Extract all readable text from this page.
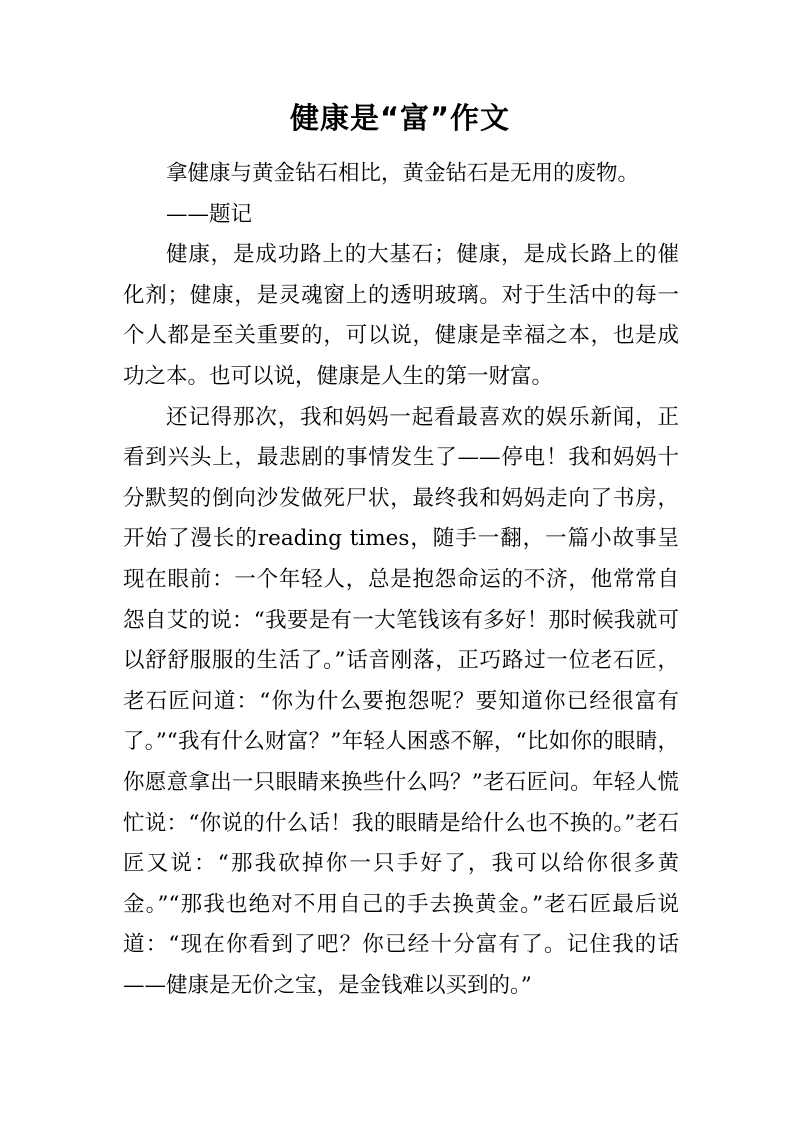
健康是“富”作文

拿健康与黄金钻石相比，黄金钻石是无用的废物。

——题记

健康，是成功路上的大基石；健康，是成长路上的催化剂；健康，是灵魂窗上的透明玻璃。对于生活中的每一个人都是至关重要的，可以说，健康是幸福之本，也是成功之本。也可以说，健康是人生的第一财富。

还记得那次，我和妈妈一起看最喜欢的娱乐新闻，正看到兴头上，最悲剧的事情发生了——停电！我和妈妈十分默契的倒向沙发做死尸状，最终我和妈妈走向了书房，开始了漫长的reading times，随手一翻，一篇小故事呈现在眼前：一个年轻人，总是抱怨命运的不济，他常常自怨自艾的说：“我要是有一大笔钱该有多好！那时候我就可以舒舒服服的生活了。”话音刚落，正巧路过一位老石匠，老石匠问道：“你为什么要抱怨呢？要知道你已经很富有了。”“我有什么财富？”年轻人困惑不解，“比如你的眼睛，你愿意拿出一只眼睛来换些什么吗？”老石匠问。年轻人慌忙说：“你说的什么话！我的眼睛是给什么也不换的。”老石匠又说：“那我砍掉你一只手好了，我可以给你很多黄金。”“那我也绝对不用自己的手去换黄金。”老石匠最后说道：“现在你看到了吧？你已经十分富有了。记住我的话——健康是无价之宝，是金钱难以买到的。”
